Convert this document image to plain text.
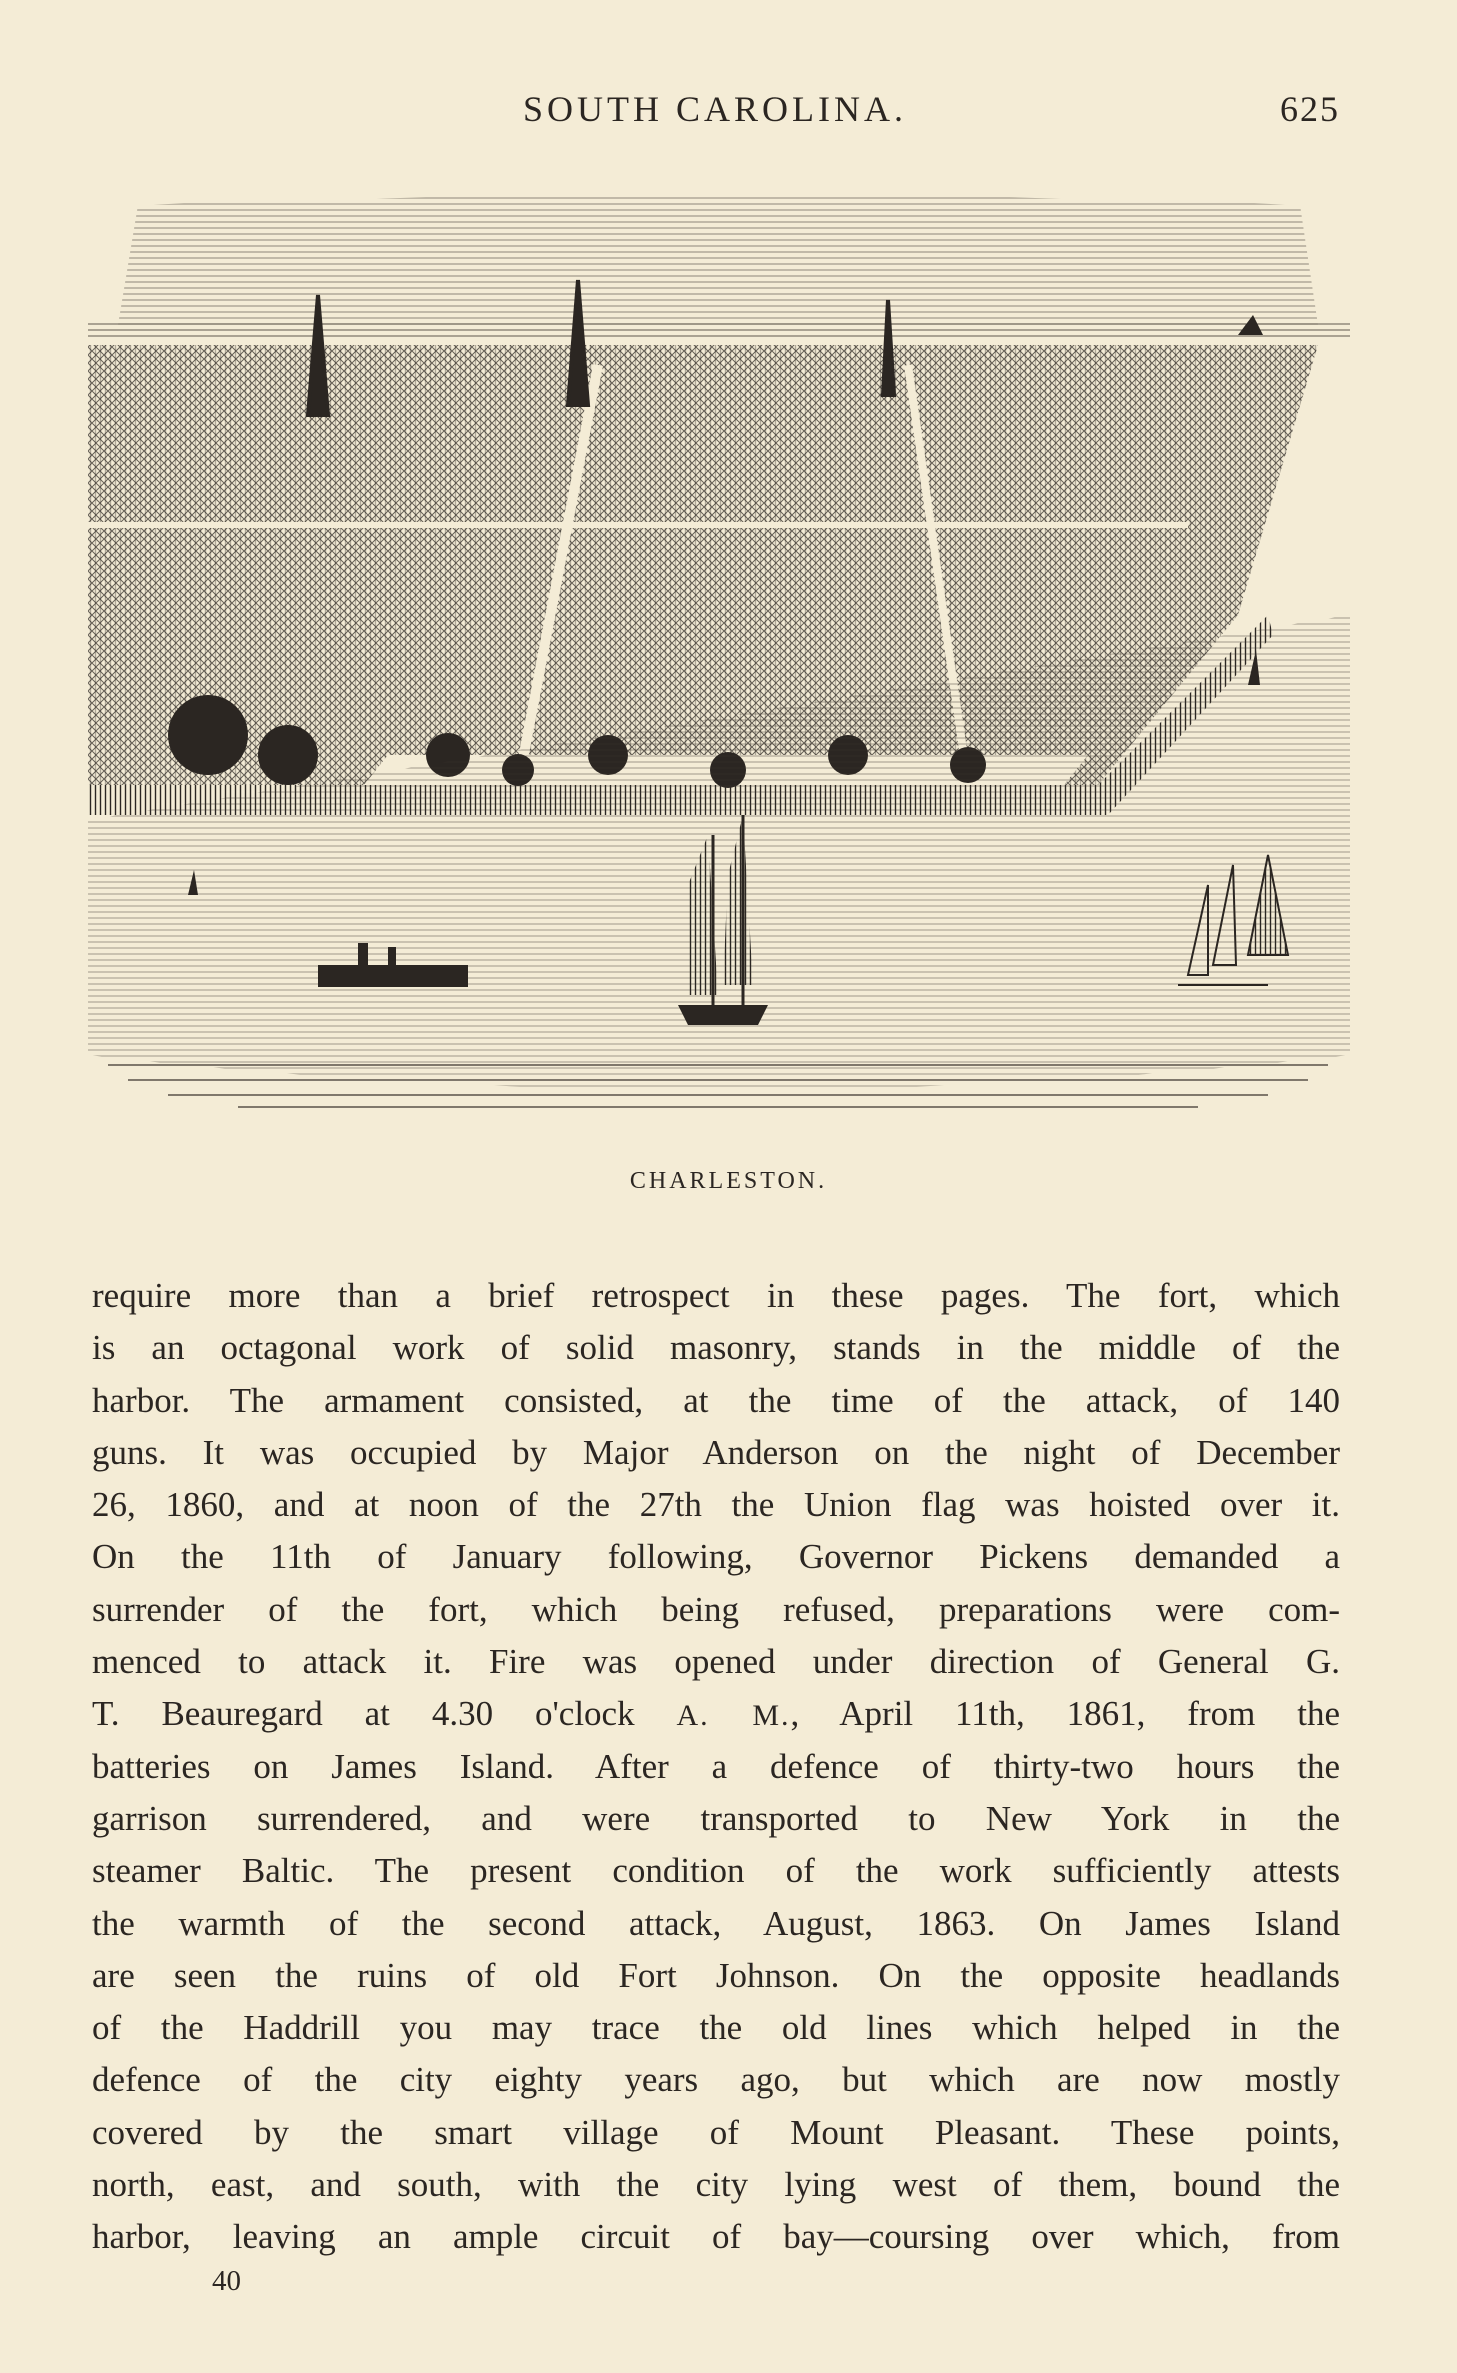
SOUTH CAROLINA.	625
CHARLESTON.
require more than a brief retrospect in these pages. The fort, which
is an octagonal work of solid masonry, stands in the middle of the
harbor. The armament consisted, at the time of the attack, of 140
guns. It was occupied by Major Anderson on the night of December
26, 1860, and at noon of the 27th the Union flag was hoisted over it.
On the 11th of January following, Governor Pickens demanded a
surrender of the fort, which being refused, preparations were com-
menced to attack it. Fire was opened under direction of General G.
T. Beauregard at 4.30 o'clock A. M., April 11th, 1861, from the
batteries on James Island. After a defence of thirty-two hours the
garrison surrendered, and were transported to New York in the
steamer Baltic. The present condition of the work sufficiently attests
the warmth of the second attack, August, 1863. On James Island
are seen the ruins of old Fort Johnson. On the opposite headlands
of the Haddrill you may trace the old lines which helped in the
defence of the city eighty years ago, but which are now mostly
covered by the smart village of Mount Pleasant. These points,
north, east, and south, with the city lying west of them, bound the
harbor, leaving an ample circuit of bay—coursing over which, from
40
